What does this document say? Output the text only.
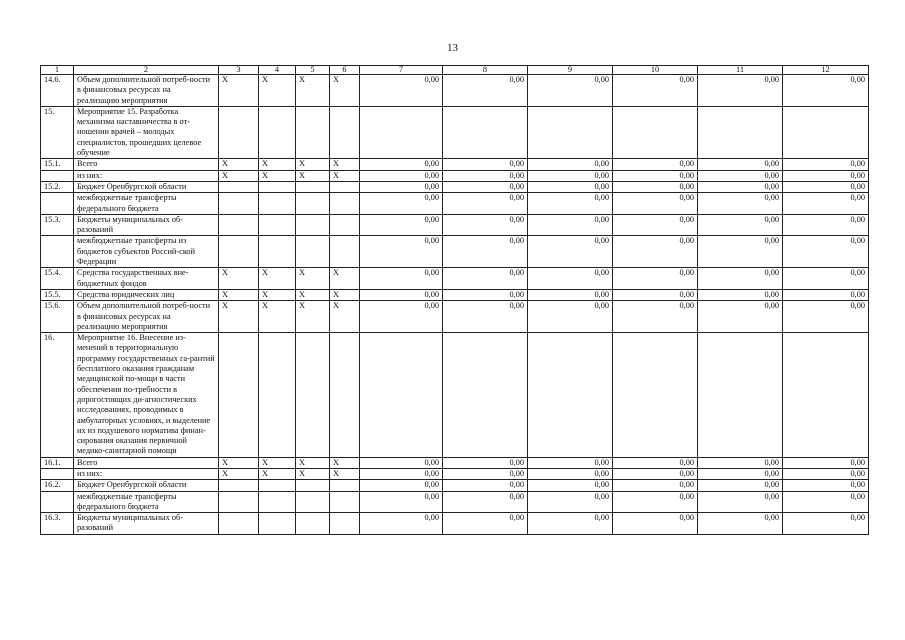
13
1	2	3	4	5	6	7	8	9	10	11	12
14.6.	Объем дополнительной потреб-ности в финансовых ресурсах на реализацию мероприятия	Х	Х	Х	Х	0,00	0,00	0,00	0,00	0,00	0,00
15.	Мероприятие 15. Разработка механизма наставничества в от-ношении врачей – молодых специалистов, прошедших целевое обучение										
15.1.	Всего	Х	Х	Х	Х	0,00	0,00	0,00	0,00	0,00	0,00
	из них:	Х	Х	Х	Х	0,00	0,00	0,00	0,00	0,00	0,00
15.2.	Бюджет Оренбургской области					0,00	0,00	0,00	0,00	0,00	0,00
	межбюджетные трансферты федерального бюджета					0,00	0,00	0,00	0,00	0,00	0,00
15.3.	Бюджеты муниципальных об-разований					0,00	0,00	0,00	0,00	0,00	0,00
	межбюджетные трансферты из бюджетов субъектов Россий-ской Федерации					0,00	0,00	0,00	0,00	0,00	0,00
15.4.	Средства государственных вне-бюджетных фондов	Х	Х	Х	Х	0,00	0,00	0,00	0,00	0,00	0,00
15.5.	Средства юридических лиц	Х	Х	Х	Х	0,00	0,00	0,00	0,00	0,00	0,00
15.6.	Объем дополнительной потреб-ности в финансовых ресурсах на реализацию мероприятия	Х	Х	Х	Х	0,00	0,00	0,00	0,00	0,00	0,00
16.	Мероприятие 16. Внесение из-менений в территориальную программу государственных га-рантий бесплатного оказания гражданам медицинской по-мощи в части обеспечения по-требности в дорогостоящих ди-агностических исследованиях, проводимых в амбулаторных условиях, и выделение их из подушевого норматива финан-сирования оказания первичной медико-санитарной помощи										
16.1.	Всего	Х	Х	Х	Х	0,00	0,00	0,00	0,00	0,00	0,00
	из них:	Х	Х	Х	Х	0,00	0,00	0,00	0,00	0,00	0,00
16.2.	Бюджет Оренбургской области					0,00	0,00	0,00	0,00	0,00	0,00
	межбюджетные трансферты федерального бюджета					0,00	0,00	0,00	0,00	0,00	0,00
16.3.	Бюджеты муниципальных об-разований					0,00	0,00	0,00	0,00	0,00	0,00
